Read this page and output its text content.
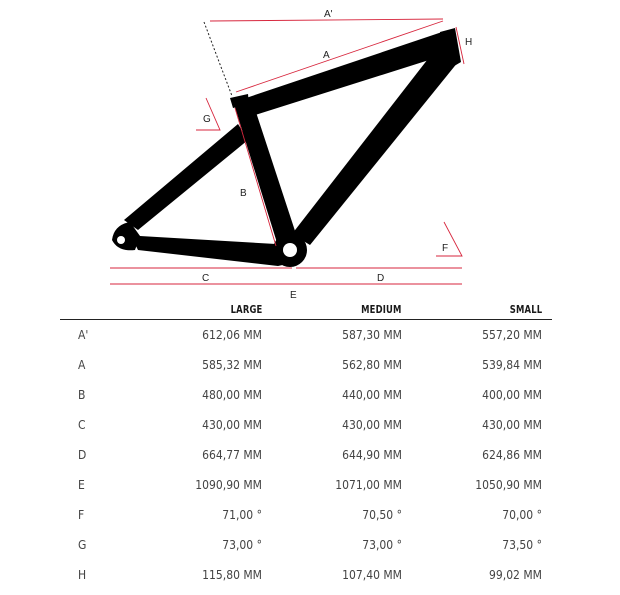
A'
A
B
C	D
E
F
G
H
LARGE	MEDIUM	SMALL
A'	612,06 MM	587,30 MM	557,20 MM
A	585,32 MM	562,80 MM	539,84 MM
B	480,00 MM	440,00 MM	400,00 MM
C	430,00 MM	430,00 MM	430,00 MM
D	664,77 MM	644,90 MM	624,86 MM
E	1090,90 MM	1071,00 MM	1050,90 MM
F	71,00 °	70,50 °	70,00 °
G	73,00 °	73,00 °	73,50 °
H	115,80 MM	107,40 MM	99,02 MM
